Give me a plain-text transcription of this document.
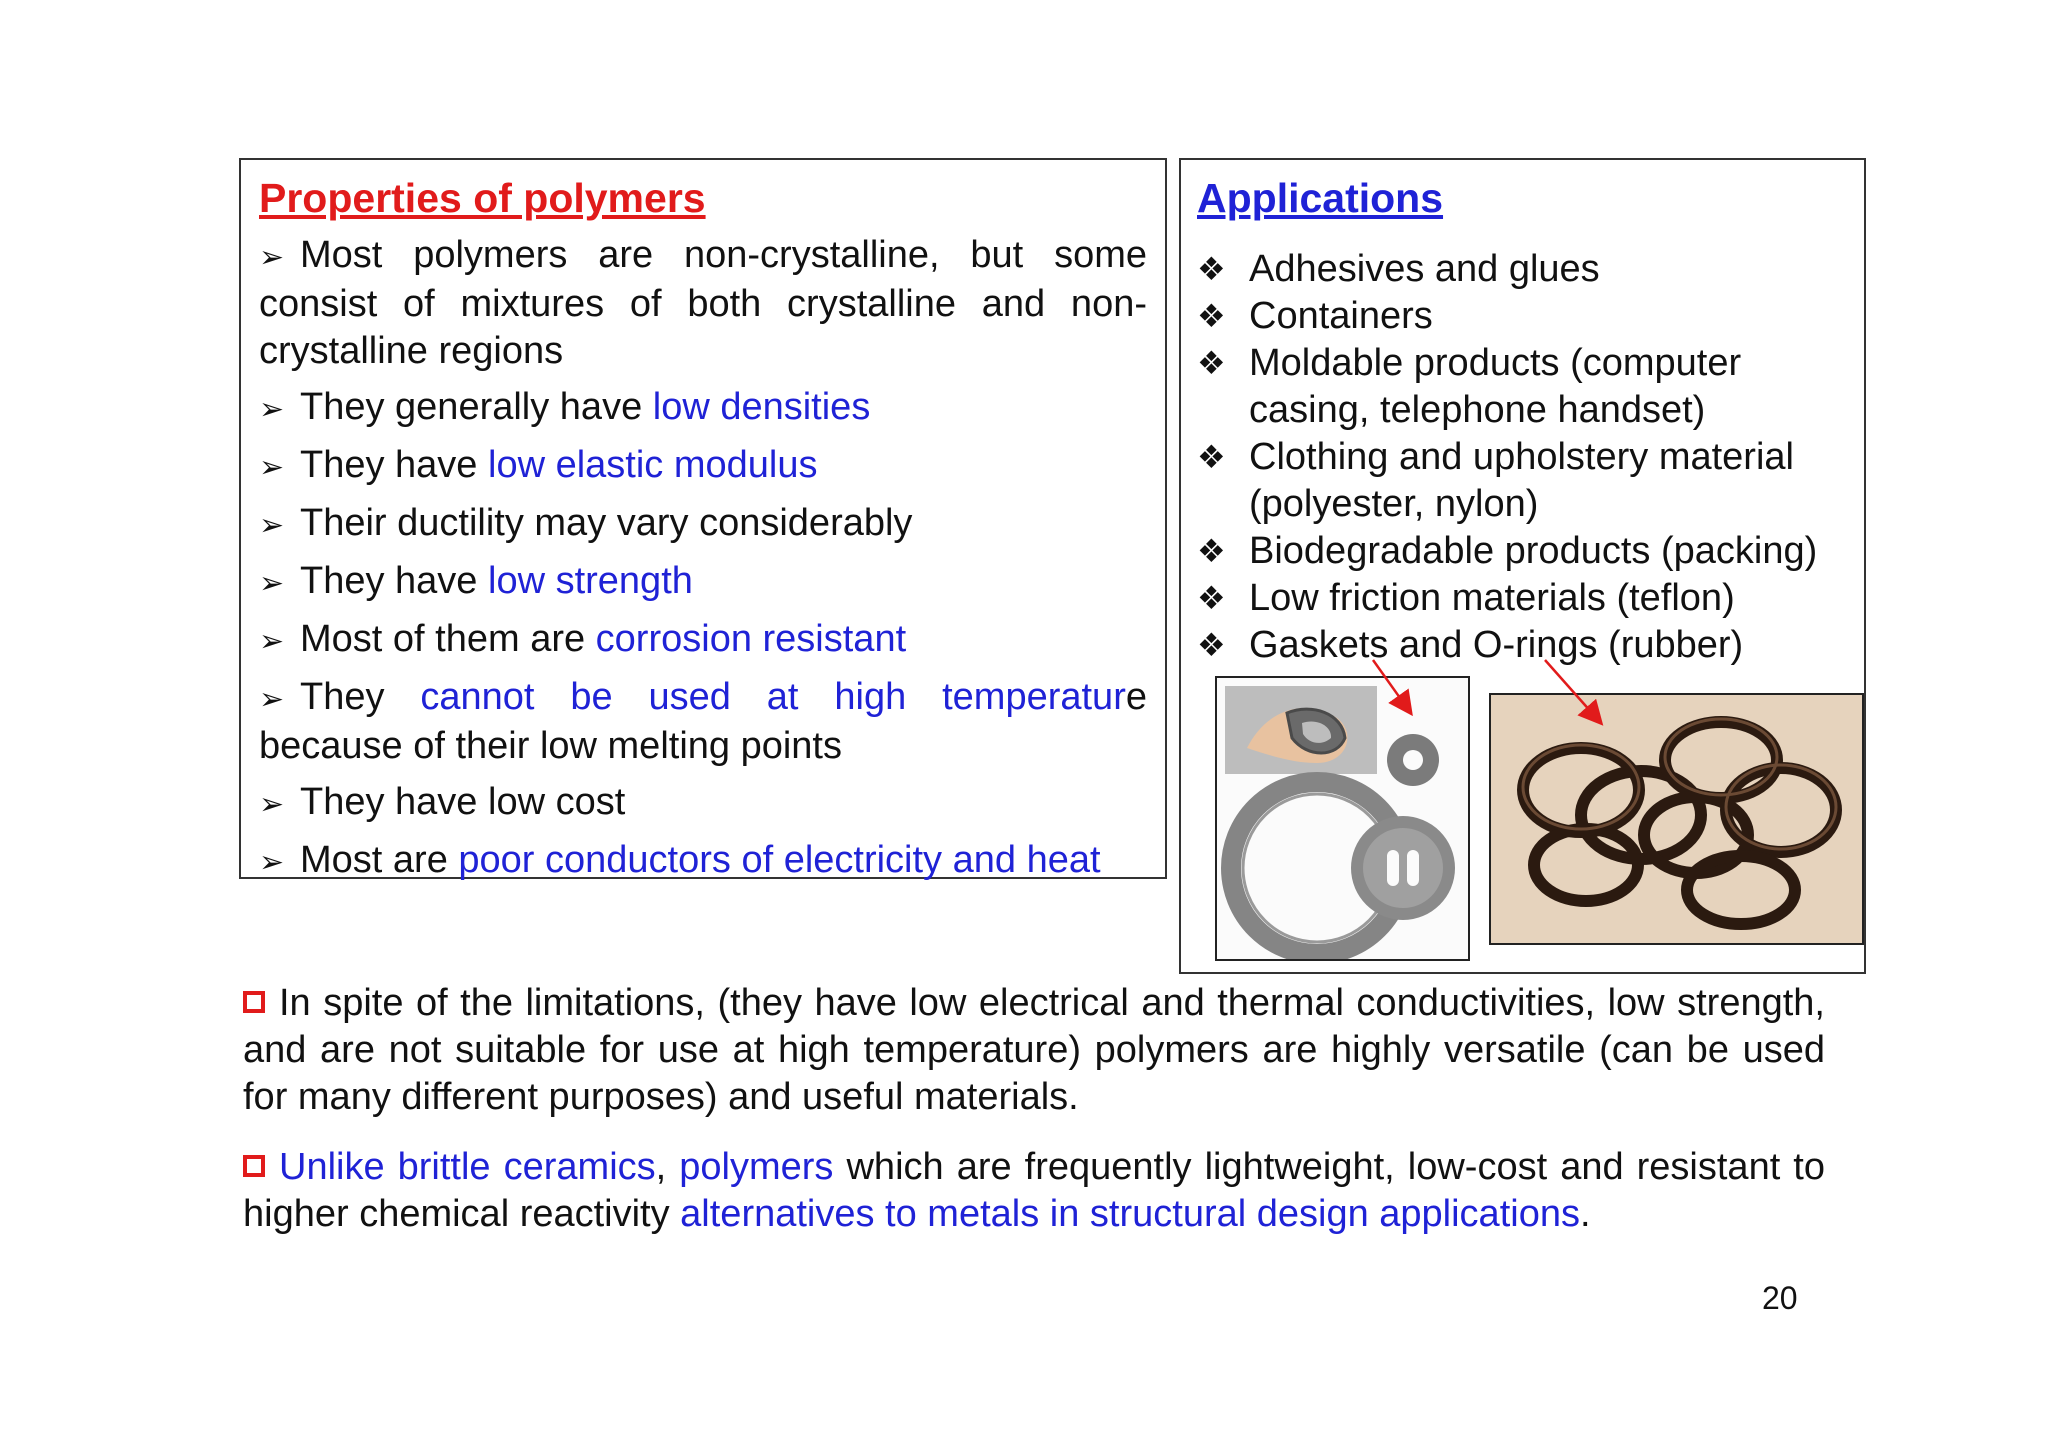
Properties of polymers
➢ Most polymers are non-crystalline, but some consist of mixtures of both crystalline and non-crystalline regions
➢ They generally have low densities
➢ They have low elastic modulus
➢ Their ductility may vary considerably
➢ They have low strength
➢ Most of them are corrosion resistant
➢ They cannot be used at high temperature
because of their low melting points
➢ They have low cost
➢ Most are poor conductors of electricity and heat
Applications
❖ Adhesives and glues
❖ Containers
❖ Moldable products (computer casing, telephone handset)
❖ Clothing and upholstery material (polyester, nylon)
❖ Biodegradable products (packing)
❖ Low friction materials (teflon)
❖ Gaskets and O-rings (rubber)
In spite of the limitations, (they have low electrical and thermal conductivities, low strength, and are not suitable for use at high temperature) polymers are highly versatile (can be used for many different purposes) and useful materials.
Unlike brittle ceramics, polymers which are frequently lightweight, low-cost and resistant to higher chemical reactivity alternatives to metals in structural design applications.
20
